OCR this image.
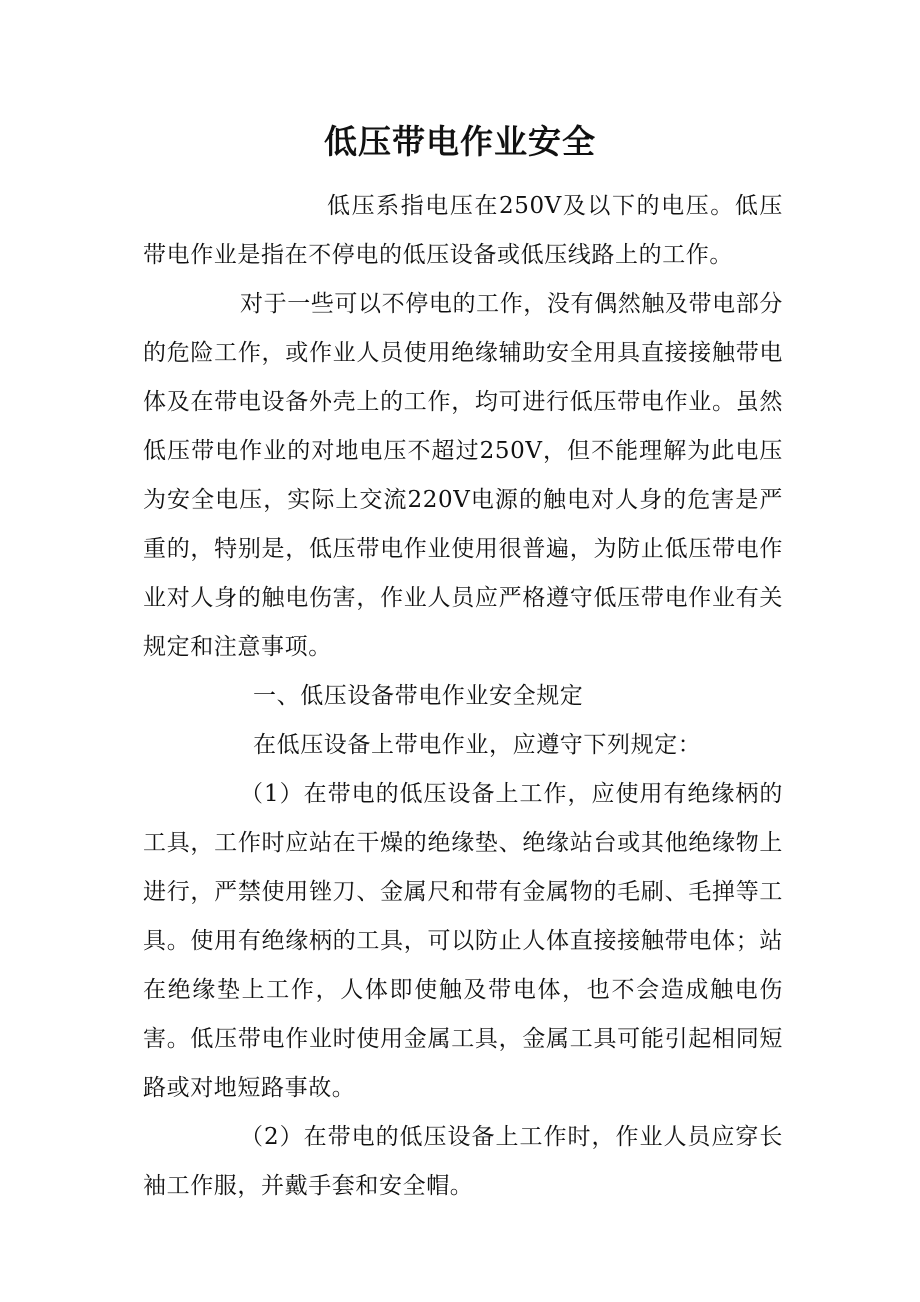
低压带电作业安全

低压系指电压在250V及以下的电压。低压带电作业是指在不停电的低压设备或低压线路上的工作。

对于一些可以不停电的工作，没有偶然触及带电部分的危险工作，或作业人员使用绝缘辅助安全用具直接接触带电体及在带电设备外壳上的工作，均可进行低压带电作业。虽然低压带电作业的对地电压不超过250V，但不能理解为此电压为安全电压，实际上交流220V电源的触电对人身的危害是严重的，特别是，低压带电作业使用很普遍，为防止低压带电作业对人身的触电伤害，作业人员应严格遵守低压带电作业有关规定和注意事项。

一、低压设备带电作业安全规定

在低压设备上带电作业，应遵守下列规定：

（1）在带电的低压设备上工作，应使用有绝缘柄的工具，工作时应站在干燥的绝缘垫、绝缘站台或其他绝缘物上进行，严禁使用锉刀、金属尺和带有金属物的毛刷、毛掸等工具。使用有绝缘柄的工具，可以防止人体直接接触带电体；站在绝缘垫上工作，人体即使触及带电体，也不会造成触电伤害。低压带电作业时使用金属工具，金属工具可能引起相同短路或对地短路事故。

（2）在带电的低压设备上工作时，作业人员应穿长袖工作服，并戴手套和安全帽。
